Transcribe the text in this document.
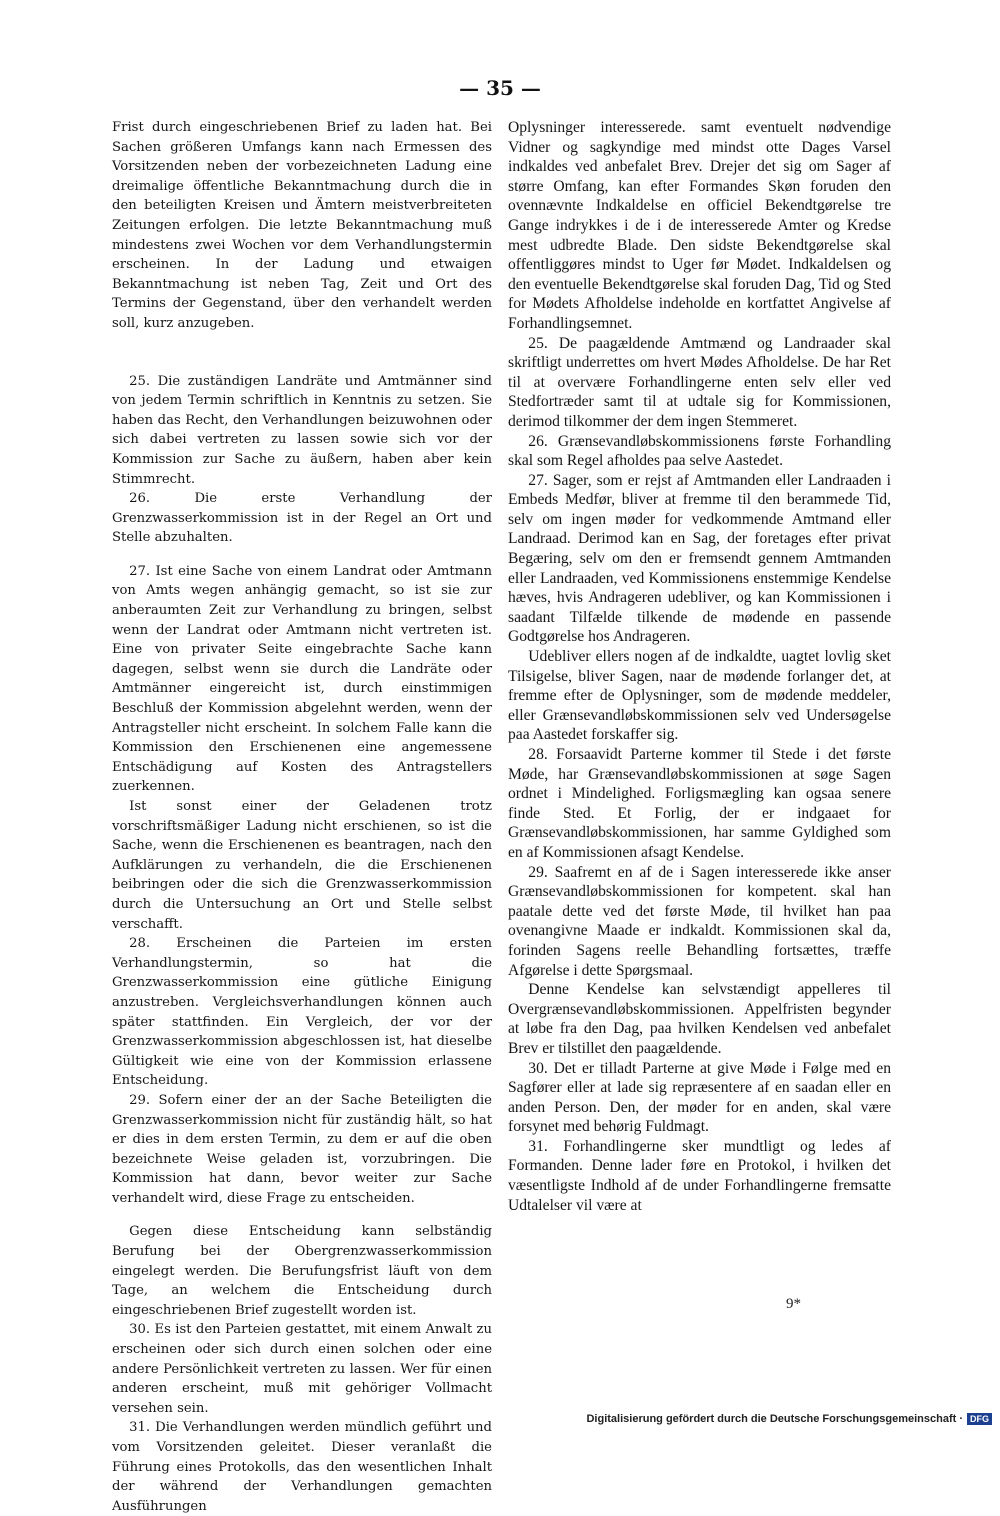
— 35 —

Frist durch eingeschriebenen Brief zu laden hat. Bei Sachen größeren Umfangs kann nach Ermessen des Vorsitzenden neben der vorbezeichneten Ladung eine dreimalige öffentliche Bekanntmachung durch die in den beteiligten Kreisen und Ämtern meistverbreiteten Zeitungen erfolgen. Die letzte Bekanntmachung muß mindestens zwei Wochen vor dem Verhandlungstermin erscheinen. In der Ladung und etwaigen Bekanntmachung ist neben Tag, Zeit und Ort des Termins der Gegenstand, über den verhandelt werden soll, kurz anzugeben.

25. Die zuständigen Landräte und Amtmänner sind von jedem Termin schriftlich in Kenntnis zu setzen. Sie haben das Recht, den Verhandlungen beizuwohnen oder sich dabei vertreten zu lassen sowie sich vor der Kommission zur Sache zu äußern, haben aber kein Stimmrecht.

26. Die erste Verhandlung der Grenzwasserkommission ist in der Regel an Ort und Stelle abzuhalten.

27. Ist eine Sache von einem Landrat oder Amtmann von Amts wegen anhängig gemacht, so ist sie zur anberaumten Zeit zur Verhandlung zu bringen, selbst wenn der Landrat oder Amtmann nicht vertreten ist. Eine von privater Seite eingebrachte Sache kann dagegen, selbst wenn sie durch die Landräte oder Amtmänner eingereicht ist, durch einstimmigen Beschluß der Kommission abgelehnt werden, wenn der Antragsteller nicht erscheint. In solchem Falle kann die Kommission den Erschienenen eine angemessene Entschädigung auf Kosten des Antragstellers zuerkennen.

Ist sonst einer der Geladenen trotz vorschriftsmäßiger Ladung nicht erschienen, so ist die Sache, wenn die Erschienenen es beantragen, nach den Aufklärungen zu verhandeln, die die Erschienenen beibringen oder die sich die Grenzwasserkommission durch die Untersuchung an Ort und Stelle selbst verschafft.

28. Erscheinen die Parteien im ersten Verhandlungstermin, so hat die Grenzwasserkommission eine gütliche Einigung anzustreben. Vergleichsverhandlungen können auch später stattfinden. Ein Vergleich, der vor der Grenzwasserkommission abgeschlossen ist, hat dieselbe Gültigkeit wie eine von der Kommission erlassene Entscheidung.

29. Sofern einer der an der Sache Beteiligten die Grenzwasserkommission nicht für zuständig hält, so hat er dies in dem ersten Termin, zu dem er auf die oben bezeichnete Weise geladen ist, vorzubringen. Die Kommission hat dann, bevor weiter zur Sache verhandelt wird, diese Frage zu entscheiden.

Gegen diese Entscheidung kann selbständig Berufung bei der Obergrenzwasserkommission eingelegt werden. Die Berufungsfrist läuft von dem Tage, an welchem die Entscheidung durch eingeschriebenen Brief zugestellt worden ist.

30. Es ist den Parteien gestattet, mit einem Anwalt zu erscheinen oder sich durch einen solchen oder eine andere Persönlichkeit vertreten zu lassen. Wer für einen anderen erscheint, muß mit gehöriger Vollmacht versehen sein.

31. Die Verhandlungen werden mündlich geführt und vom Vorsitzenden geleitet. Dieser veranlaßt die Führung eines Protokolls, das den wesentlichen Inhalt der während der Verhandlungen gemachten Ausführungen

Oplysninger interesserede. samt eventuelt nødvendige Vidner og sagkyndige med mindst otte Dages Varsel indkaldes ved anbefalet Brev. Drejer det sig om Sager af større Omfang, kan efter Formandes Skøn foruden den ovennævnte Indkaldelse en officiel Bekendtgørelse tre Gange indrykkes i de i de interesserede Amter og Kredse mest udbredte Blade. Den sidste Bekendtgørelse skal offentliggøres mindst to Uger før Mødet. Indkaldelsen og den eventuelle Bekendtgørelse skal foruden Dag, Tid og Sted for Mødets Afholdelse indeholde en kortfattet Angivelse af Forhandlingsemnet.

25. De paagældende Amtmænd og Landraader skal skriftligt underrettes om hvert Mødes Afholdelse. De har Ret til at overvære Forhandlingerne enten selv eller ved Stedfortræder samt til at udtale sig for Kommissionen, derimod tilkommer der dem ingen Stemmeret.

26. Grænsevandløbskommissionens første Forhandling skal som Regel afholdes paa selve Aastedet.

27. Sager, som er rejst af Amtmanden eller Landraaden i Embeds Medfør, bliver at fremme til den berammede Tid, selv om ingen møder for vedkommende Amtmand eller Landraad. Derimod kan en Sag, der foretages efter privat Begæring, selv om den er fremsendt gennem Amtmanden eller Landraaden, ved Kommissionens enstemmige Kendelse hæves, hvis Andrageren udebliver, og kan Kommissionen i saadant Tilfælde tilkende de mødende en passende Godtgørelse hos Andrageren.

Udebliver ellers nogen af de indkaldte, uagtet lovlig sket Tilsigelse, bliver Sagen, naar de mødende forlanger det, at fremme efter de Oplysninger, som de mødende meddeler, eller Grænsevandløbskommissionen selv ved Undersøgelse paa Aastedet forskaffer sig.

28. Forsaavidt Parterne kommer til Stede i det første Møde, har Grænsevandløbskommissionen at søge Sagen ordnet i Mindelighed. Forligsmægling kan ogsaa senere finde Sted. Et Forlig, der er indgaaet for Grænsevandløbskommissionen, har samme Gyldighed som en af Kommissionen afsagt Kendelse.

29. Saafremt en af de i Sagen interesserede ikke anser Grænsevandløbskommissionen for kompetent. skal han paatale dette ved det første Møde, til hvilket han paa ovenangivne Maade er indkaldt. Kommissionen skal da, forinden Sagens reelle Behandling fortsættes, træffe Afgørelse i dette Spørgsmaal.

Denne Kendelse kan selvstændigt appelleres til Overgrænsevandløbskommissionen. Appelfristen begynder at løbe fra den Dag, paa hvilken Kendelsen ved anbefalet Brev er tilstillet den paagældende.

30. Det er tilladt Parterne at give Møde i Følge med en Sagfører eller at lade sig repræsentere af en saadan eller en anden Person. Den, der møder for en anden, skal være forsynet med behørig Fuldmagt.

31. Forhandlingerne sker mundtligt og ledes af Formanden. Denne lader føre en Protokol, i hvilken det væsentligste Indhold af de under Forhandlingerne fremsatte Udtalelser vil være at

9*
Digitalisierung gefördert durch die Deutsche Forschungsgemeinschaft · DFG
